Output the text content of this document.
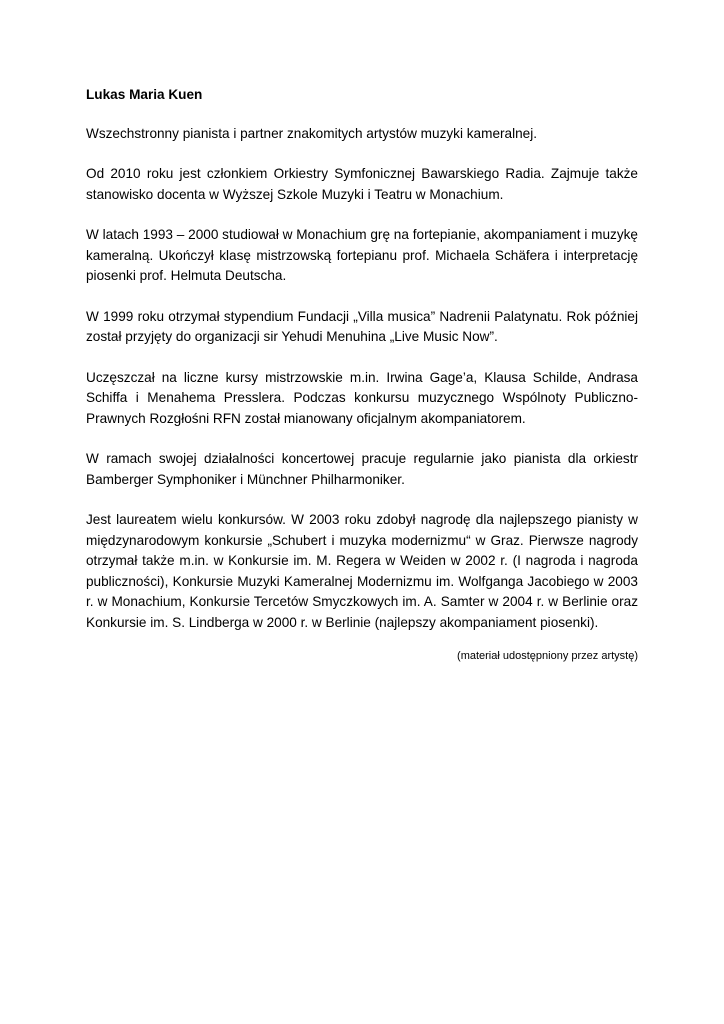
Lukas Maria Kuen

Wszechstronny pianista i partner znakomitych artystów muzyki kameralnej.

Od 2010 roku jest członkiem Orkiestry Symfonicznej Bawarskiego Radia. Zajmuje także stanowisko docenta w Wyższej Szkole Muzyki i Teatru w Monachium.

W latach 1993 – 2000 studiował w Monachium grę na fortepianie, akompaniament i muzykę kameralną. Ukończył klasę mistrzowską fortepianu prof. Michaela Schäfera i interpretację piosenki prof. Helmuta Deutscha.

W 1999 roku otrzymał stypendium Fundacji „Villa musica” Nadrenii Palatynatu. Rok później został przyjęty do organizacji sir Yehudi Menuhina „Live Music Now”.

Uczęszczał na liczne kursy mistrzowskie m.in. Irwina Gage’a, Klausa Schilde, Andrasa Schiffa i Menahema Presslera. Podczas konkursu muzycznego Wspólnoty Publiczno-Prawnych Rozgłośni RFN został mianowany oficjalnym akompaniatorem.

W ramach swojej działalności koncertowej pracuje regularnie jako pianista dla orkiestr Bamberger Symphoniker i Münchner Philharmoniker.

Jest laureatem wielu konkursów. W 2003 roku zdobył nagrodę dla najlepszego pianisty w międzynarodowym konkursie „Schubert i muzyka modernizmu“ w Graz. Pierwsze nagrody otrzymał także m.in. w Konkursie im. M. Regera w Weiden w 2002 r. (I nagroda i nagroda publiczności), Konkursie Muzyki Kameralnej Modernizmu im. Wolfganga Jacobiego w 2003 r. w Monachium, Konkursie Tercetów Smyczkowych im. A. Samter w 2004 r. w Berlinie oraz Konkursie im. S. Lindberga w 2000 r. w Berlinie (najlepszy akompaniament piosenki).

(materiał udostępniony przez artystę)
